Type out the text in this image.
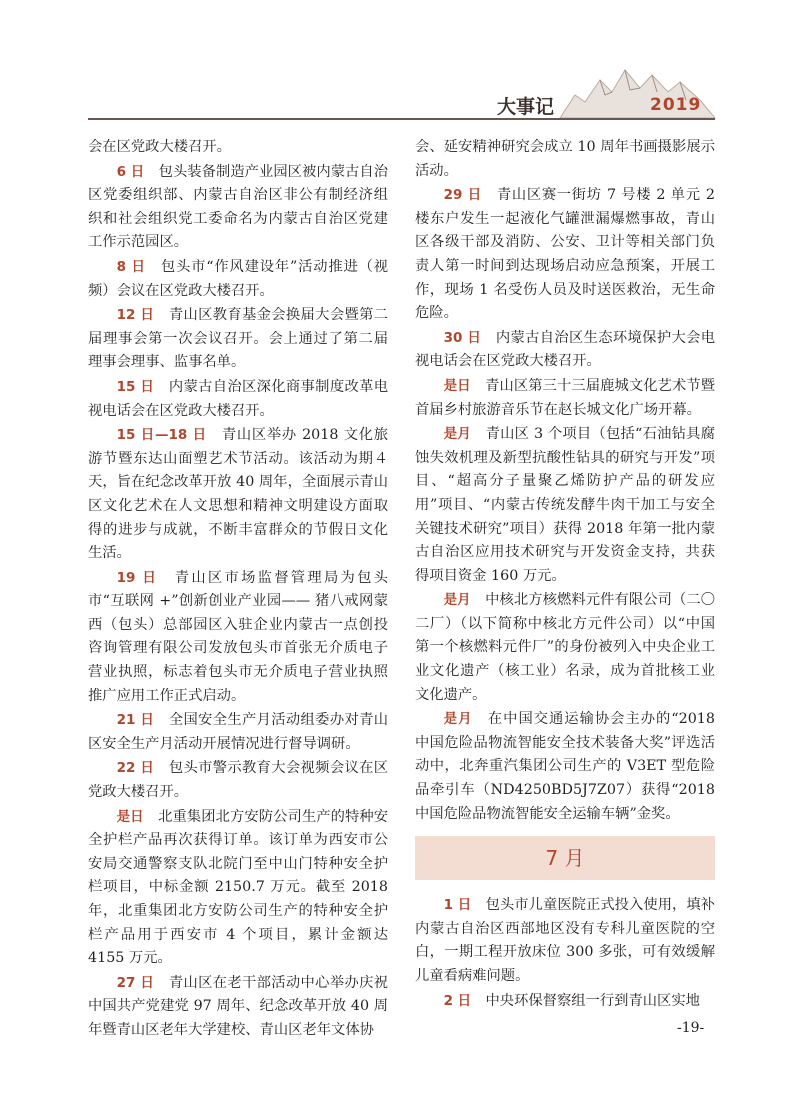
大事记	2019

会在区党政大楼召开。

6 日　 包头装备制造产业园区被内蒙古自治区党委组织部、内蒙古自治区非公有制经济组织和社会组织党工委命名为内蒙古自治区党建工作示范园区。

8 日　 包头市“作风建设年”活动推进（视频）会议在区党政大楼召开。

12 日　 青山区教育基金会换届大会暨第二届理事会第一次会议召开。会上通过了第二届理事会理事、监事名单。

15 日　 内蒙古自治区深化商事制度改革电视电话会在区党政大楼召开。

15 日—18 日　 青山区举办 2018 文化旅游节暨东达山面塑艺术节活动。该活动为期４天，旨在纪念改革开放 40 周年，全面展示青山区文化艺术在人文思想和精神文明建设方面取得的进步与成就，不断丰富群众的节假日文化生活。

19 日　 青山区市场监督管理局为包头市“互联网 +”创新创业产业园—— 猪八戒网蒙西（包头）总部园区入驻企业内蒙古一点创投咨询管理有限公司发放包头市首张无介质电子营业执照，标志着包头市无介质电子营业执照推广应用工作正式启动。

21 日　 全国安全生产月活动组委办对青山区安全生产月活动开展情况进行督导调研。

22 日　 包头市警示教育大会视频会议在区党政大楼召开。

是日　 北重集团北方安防公司生产的特种安全护栏产品再次获得订单。该订单为西安市公安局交通警察支队北院门至中山门特种安全护栏项目，中标金额 2150.7 万元。截至 2018 年，北重集团北方安防公司生产的特种安全护栏产品用于西安市 4 个项目，累计金额达 4155 万元。

27 日　 青山区在老干部活动中心举办庆祝中国共产党建党 97 周年、纪念改革开放 40 周年暨青山区老年大学建校、青山区老年文体协

会、延安精神研究会成立 10 周年书画摄影展示活动。

29 日　 青山区赛一街坊 7 号楼 2 单元 2 楼东户发生一起液化气罐泄漏爆燃事故，青山区各级干部及消防、公安、卫计等相关部门负责人第一时间到达现场启动应急预案，开展工作，现场 1 名受伤人员及时送医救治，无生命危险。

30 日　 内蒙古自治区生态环境保护大会电视电话会在区党政大楼召开。

是日　 青山区第三十三届鹿城文化艺术节暨首届乡村旅游音乐节在赵长城文化广场开幕。

是月　 青山区 3 个项目（包括“石油钻具腐蚀失效机理及新型抗酸性钻具的研究与开发”项目、“超高分子量聚乙烯防护产品的研发应用”项目、“内蒙古传统发酵牛肉干加工与安全关键技术研究”项目）获得 2018 年第一批内蒙古自治区应用技术研究与开发资金支持，共获得项目资金 160 万元。

是月　 中核北方核燃料元件有限公司（二〇二厂）（以下简称中核北方元件公司）以“中国第一个核燃料元件厂”的身份被列入中央企业工业文化遗产（核工业）名录，成为首批核工业文化遗产。

是月　 在中国交通运输协会主办的“2018 中国危险品物流智能安全技术装备大奖”评选活动中，北奔重汽集团公司生产的 V3ET 型危险品牵引车（ND4250BD5J7Z07）获得“2018 中国危险品物流智能安全运输车辆”金奖。

7 月

1 日　 包头市儿童医院正式投入使用，填补内蒙古自治区西部地区没有专科儿童医院的空白，一期工程开放床位 300 多张，可有效缓解儿童看病难问题。

2 日　 中央环保督察组一行到青山区实地

-19-
